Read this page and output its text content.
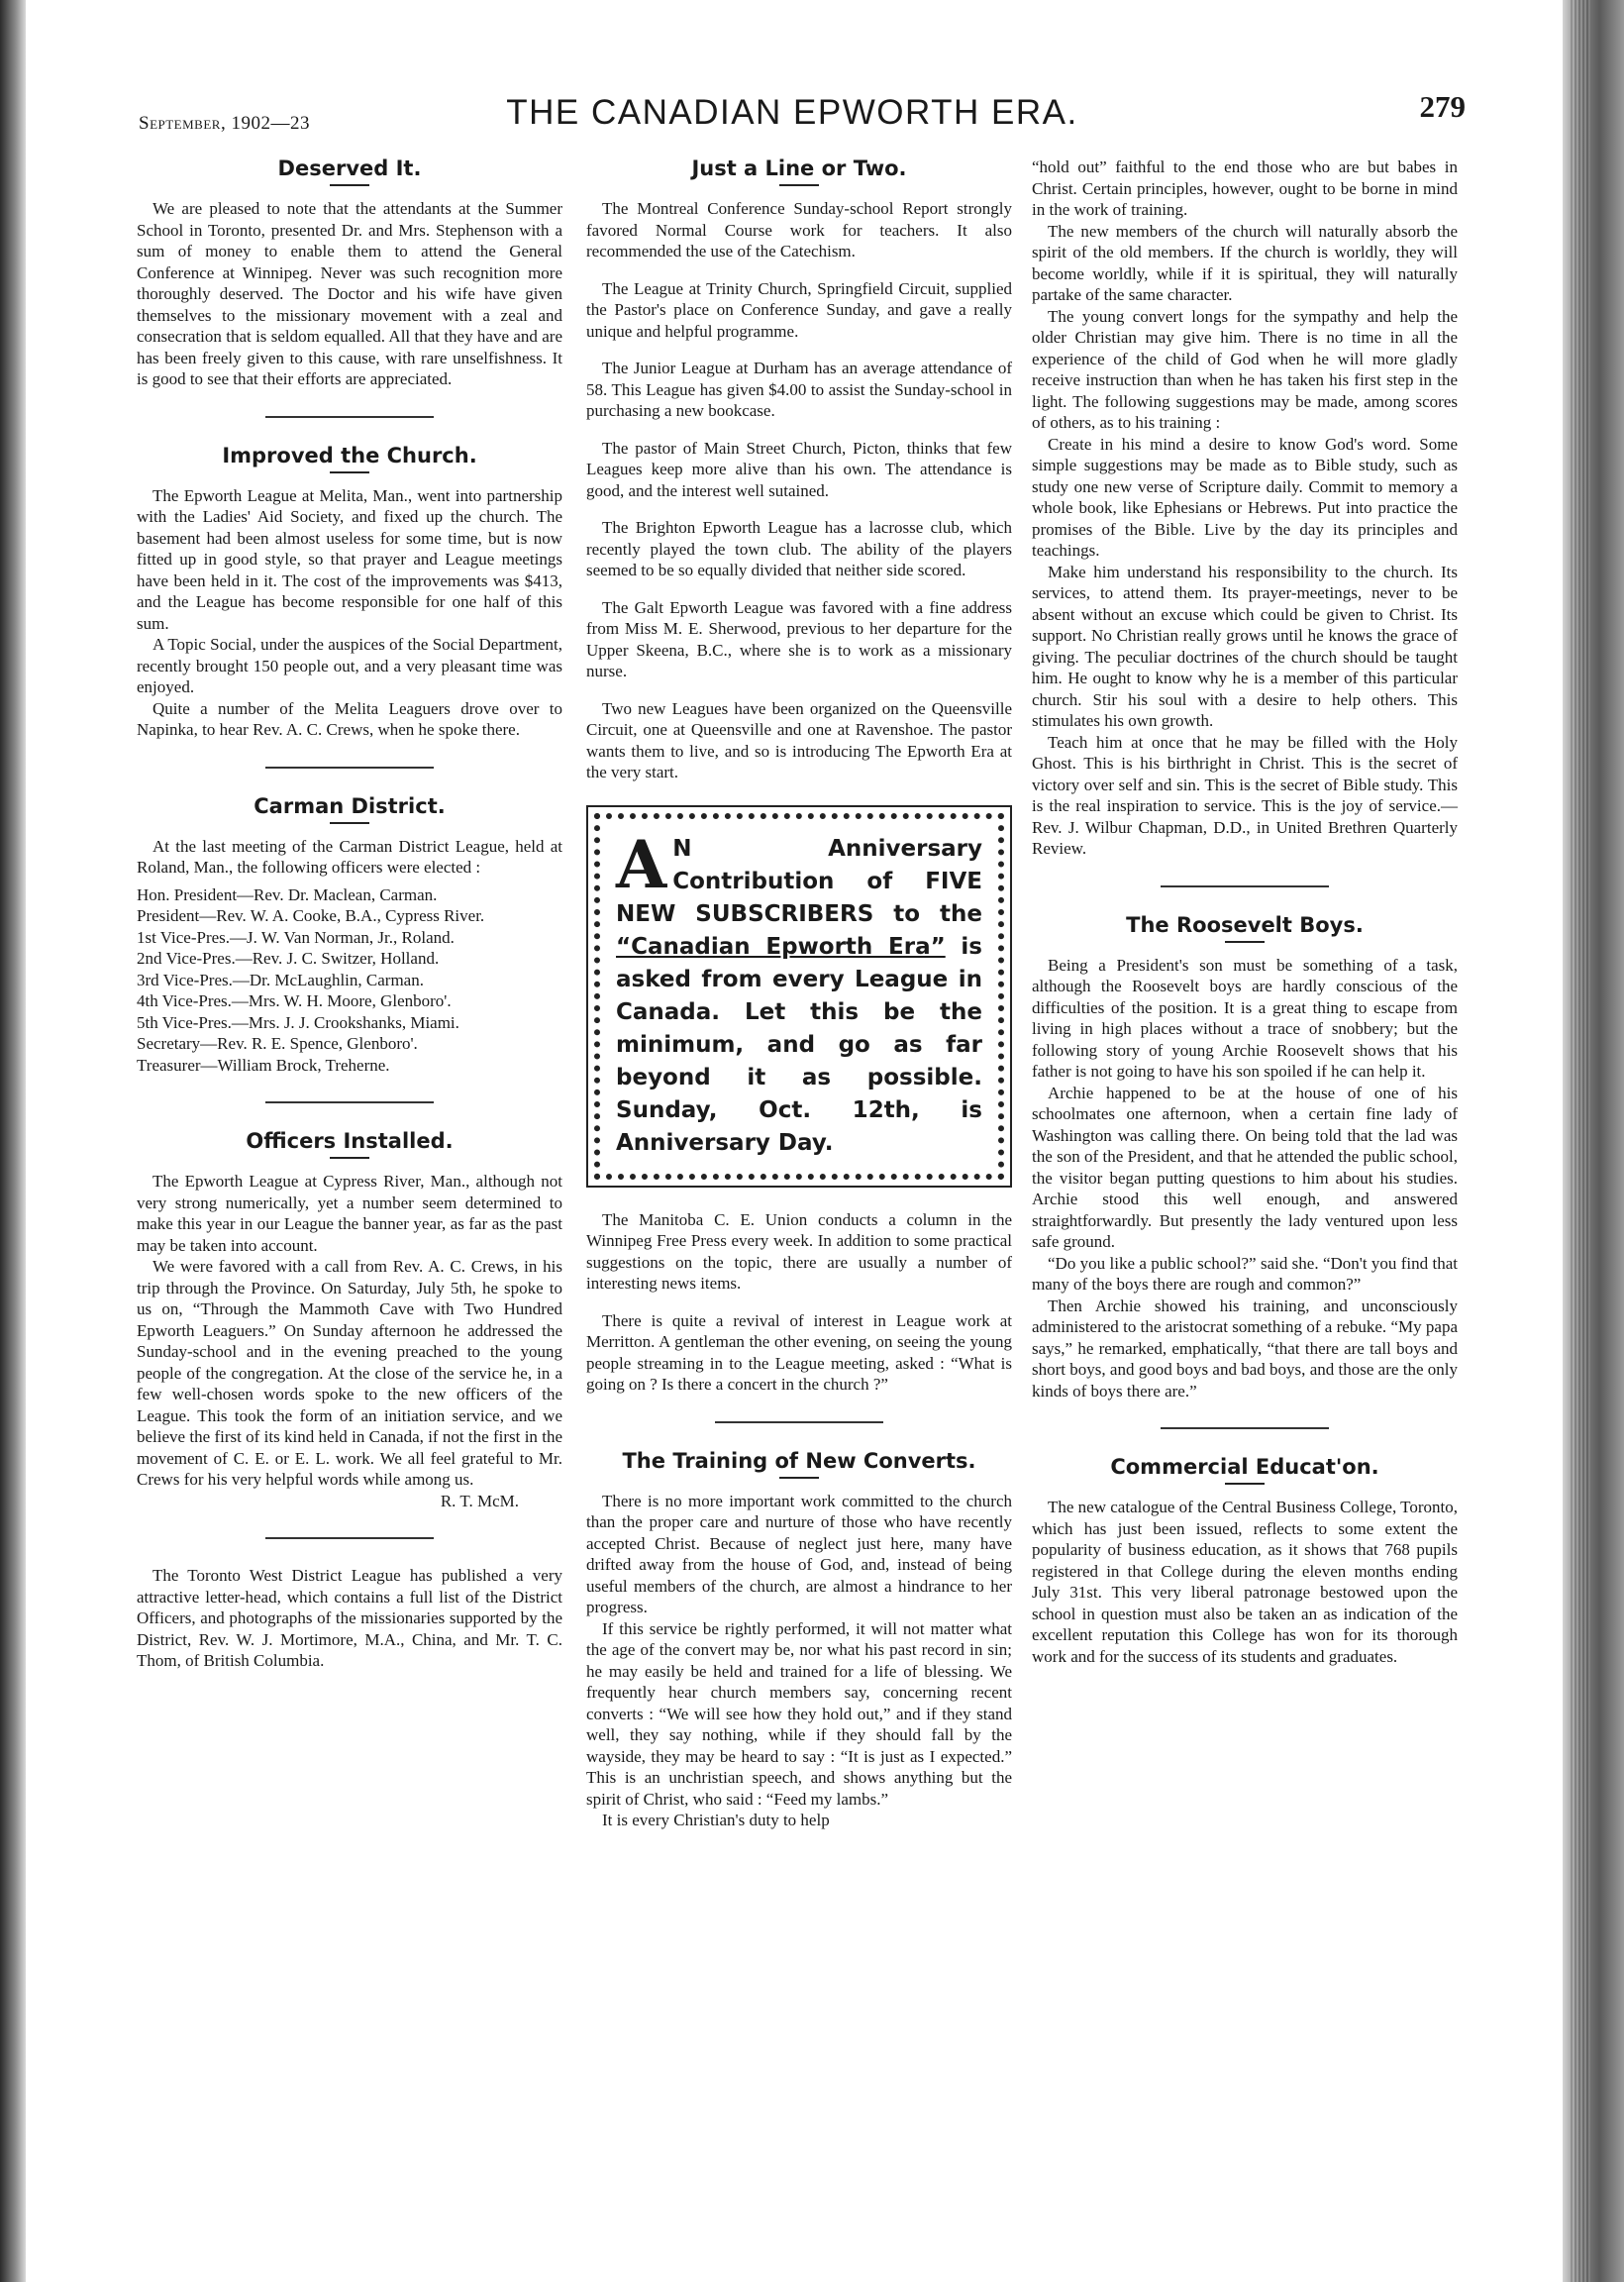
September, 1902—23	THE CANADIAN EPWORTH ERA.	279
Deserved It.

We are pleased to note that the attendants at the Summer School in Toronto, presented Dr. and Mrs. Stephenson with a sum of money to enable them to attend the General Conference at Winnipeg. Never was such recognition more thoroughly deserved. The Doctor and his wife have given themselves to the missionary movement with a zeal and consecration that is seldom equalled. All that they have and are has been freely given to this cause, with rare unselfishness. It is good to see that their efforts are appreciated.

Improved the Church.

The Epworth League at Melita, Man., went into partnership with the Ladies' Aid Society, and fixed up the church. The basement had been almost useless for some time, but is now fitted up in good style, so that prayer and League meetings have been held in it. The cost of the improvements was $413, and the League has become responsible for one half of this sum.

A Topic Social, under the auspices of the Social Department, recently brought 150 people out, and a very pleasant time was enjoyed.

Quite a number of the Melita Leaguers drove over to Napinka, to hear Rev. A. C. Crews, when he spoke there.

Carman District.

At the last meeting of the Carman District League, held at Roland, Man., the following officers were elected :

Hon. President—Rev. Dr. Maclean, Carman.

President—Rev. W. A. Cooke, B.A., Cypress River.

1st Vice-Pres.—J. W. Van Norman, Jr., Roland.

2nd Vice-Pres.—Rev. J. C. Switzer, Holland.

3rd Vice-Pres.—Dr. McLaughlin, Carman.

4th Vice-Pres.—Mrs. W. H. Moore, Glenboro'.

5th Vice-Pres.—Mrs. J. J. Crookshanks, Miami.

Secretary—Rev. R. E. Spence, Glenboro'.

Treasurer—William Brock, Treherne.

Officers Installed.

The Epworth League at Cypress River, Man., although not very strong numerically, yet a number seem determined to make this year in our League the banner year, as far as the past may be taken into account.

We were favored with a call from Rev. A. C. Crews, in his trip through the Province. On Saturday, July 5th, he spoke to us on, “Through the Mammoth Cave with Two Hundred Epworth Leaguers.” On Sunday afternoon he addressed the Sunday-school and in the evening preached to the young people of the congregation. At the close of the service he, in a few well-chosen words spoke to the new officers of the League. This took the form of an initiation service, and we believe the first of its kind held in Canada, if not the first in the movement of C. E. or E. L. work. We all feel grateful to Mr. Crews for his very helpful words while among us.

R. T. McM.

The Toronto West District League has published a very attractive letter-head, which contains a full list of the District Officers, and photographs of the missionaries supported by the District, Rev. W. J. Mortimore, M.A., China, and Mr. T. C. Thom, of British Columbia.

Just a Line or Two.

The Montreal Conference Sunday-school Report strongly favored Normal Course work for teachers. It also recommended the use of the Catechism.

The League at Trinity Church, Springfield Circuit, supplied the Pastor's place on Conference Sunday, and gave a really unique and helpful programme.

The Junior League at Durham has an average attendance of 58. This League has given $4.00 to assist the Sunday-school in purchasing a new bookcase.

The pastor of Main Street Church, Picton, thinks that few Leagues keep more alive than his own. The attendance is good, and the interest well sutained.

The Brighton Epworth League has a lacrosse club, which recently played the town club. The ability of the players seemed to be so equally divided that neither side scored.

The Galt Epworth League was favored with a fine address from Miss M. E. Sherwood, previous to her departure for the Upper Skeena, B.C., where she is to work as a missionary nurse.

Two new Leagues have been organized on the Queensville Circuit, one at Queensville and one at Ravenshoe. The pastor wants them to live, and so is introducing The Epworth Era at the very start.

A N Anniversary Contribution of FIVE NEW SUBSCRIBERS to the “Canadian Epworth Era” is asked from every League in Canada. Let this be the minimum, and go as far beyond it as possible. Sunday, Oct. 12th, is Anniversary Day.

The Manitoba C. E. Union conducts a column in the Winnipeg Free Press every week. In addition to some practical suggestions on the topic, there are usually a number of interesting news items.

There is quite a revival of interest in League work at Merritton. A gentleman the other evening, on seeing the young people streaming in to the League meeting, asked : “What is going on ? Is there a concert in the church ?”

The Training of New Converts.

There is no more important work committed to the church than the proper care and nurture of those who have recently accepted Christ. Because of neglect just here, many have drifted away from the house of God, and, instead of being useful members of the church, are almost a hindrance to her progress.

If this service be rightly performed, it will not matter what the age of the convert may be, nor what his past record in sin; he may easily be held and trained for a life of blessing. We frequently hear church members say, concerning recent converts : “We will see how they hold out,” and if they stand well, they say nothing, while if they should fall by the wayside, they may be heard to say : “It is just as I expected.” This is an unchristian speech, and shows anything but the spirit of Christ, who said : “Feed my lambs.”

It is every Christian's duty to help

“hold out” faithful to the end those who are but babes in Christ. Certain principles, however, ought to be borne in mind in the work of training.

The new members of the church will naturally absorb the spirit of the old members. If the church is worldly, they will become worldly, while if it is spiritual, they will naturally partake of the same character.

The young convert longs for the sympathy and help the older Christian may give him. There is no time in all the experience of the child of God when he will more gladly receive instruction than when he has taken his first step in the light. The following suggestions may be made, among scores of others, as to his training :

Create in his mind a desire to know God's word. Some simple suggestions may be made as to Bible study, such as study one new verse of Scripture daily. Commit to memory a whole book, like Ephesians or Hebrews. Put into practice the promises of the Bible. Live by the day its principles and teachings.

Make him understand his responsibility to the church. Its services, to attend them. Its prayer-meetings, never to be absent without an excuse which could be given to Christ. Its support. No Christian really grows until he knows the grace of giving. The peculiar doctrines of the church should be taught him. He ought to know why he is a member of this particular church. Stir his soul with a desire to help others. This stimulates his own growth.

Teach him at once that he may be filled with the Holy Ghost. This is his birthright in Christ. This is the secret of victory over self and sin. This is the secret of Bible study. This is the real inspiration to service. This is the joy of service.—Rev. J. Wilbur Chapman, D.D., in United Brethren Quarterly Review.

The Roosevelt Boys.

Being a President's son must be something of a task, although the Roosevelt boys are hardly conscious of the difficulties of the position. It is a great thing to escape from living in high places without a trace of snobbery; but the following story of young Archie Roosevelt shows that his father is not going to have his son spoiled if he can help it.

Archie happened to be at the house of one of his schoolmates one afternoon, when a certain fine lady of Washington was calling there. On being told that the lad was the son of the President, and that he attended the public school, the visitor began putting questions to him about his studies. Archie stood this well enough, and answered straightforwardly. But presently the lady ventured upon less safe ground.

“Do you like a public school?” said she. “Don't you find that many of the boys there are rough and common?”

Then Archie showed his training, and unconsciously administered to the aristocrat something of a rebuke. “My papa says,” he remarked, emphatically, “that there are tall boys and short boys, and good boys and bad boys, and those are the only kinds of boys there are.”

Commercial Educat'on.

The new catalogue of the Central Business College, Toronto, which has just been issued, reflects to some extent the popularity of business education, as it shows that 768 pupils registered in that College during the eleven months ending July 31st. This very liberal patronage bestowed upon the school in question must also be taken an as indication of the excellent reputation this College has won for its thorough work and for the success of its students and graduates.
